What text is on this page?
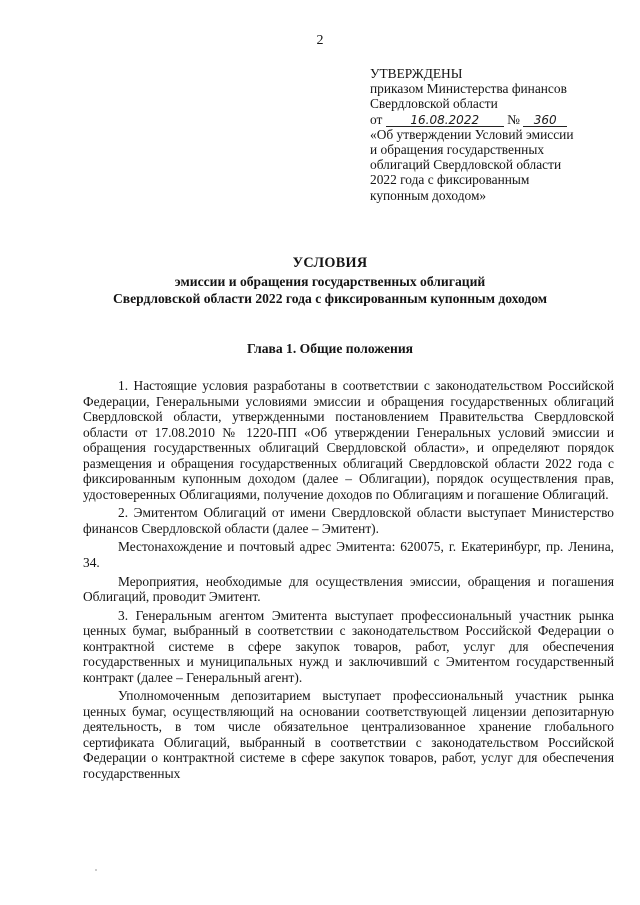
2
УТВЕРЖДЕНЫ
приказом Министерства финансов
Свердловской области
от 16.08.2022 № 360
«Об утверждении Условий эмиссии
и обращения государственных
облигаций Свердловской области
2022 года с фиксированным
купонным доходом»
УСЛОВИЯ
эмиссии и обращения государственных облигаций
Свердловской области 2022 года с фиксированным купонным доходом
Глава 1. Общие положения

1. Настоящие условия разработаны в соответствии с законодательством Российской Федерации, Генеральными условиями эмиссии и обращения государственных облигаций Свердловской области, утвержденными постановлением Правительства Свердловской области от 17.08.2010 № 1220-ПП «Об утверждении Генеральных условий эмиссии и обращения государственных облигаций Свердловской области», и определяют порядок размещения и обращения государственных облигаций Свердловской области 2022 года с фиксированным купонным доходом (далее – Облигации), порядок осуществления прав, удостоверенных Облигациями, получение доходов по Облигациям и погашение Облигаций.

2. Эмитентом Облигаций от имени Свердловской области выступает Министерство финансов Свердловской области (далее – Эмитент).

Местонахождение и почтовый адрес Эмитента: 620075, г. Екатеринбург, пр. Ленина, 34.

Мероприятия, необходимые для осуществления эмиссии, обращения и погашения Облигаций, проводит Эмитент.

3. Генеральным агентом Эмитента выступает профессиональный участник рынка ценных бумаг, выбранный в соответствии с законодательством Российской Федерации о контрактной системе в сфере закупок товаров, работ, услуг для обеспечения государственных и муниципальных нужд и заключивший с Эмитентом государственный контракт (далее – Генеральный агент).

Уполномоченным депозитарием выступает профессиональный участник рынка ценных бумаг, осуществляющий на основании соответствующей лицензии депозитарную деятельность, в том числе обязательное централизованное хранение глобального сертификата Облигаций, выбранный в соответствии с законодательством Российской Федерации о контрактной системе в сфере закупок товаров, работ, услуг для обеспечения государственных
